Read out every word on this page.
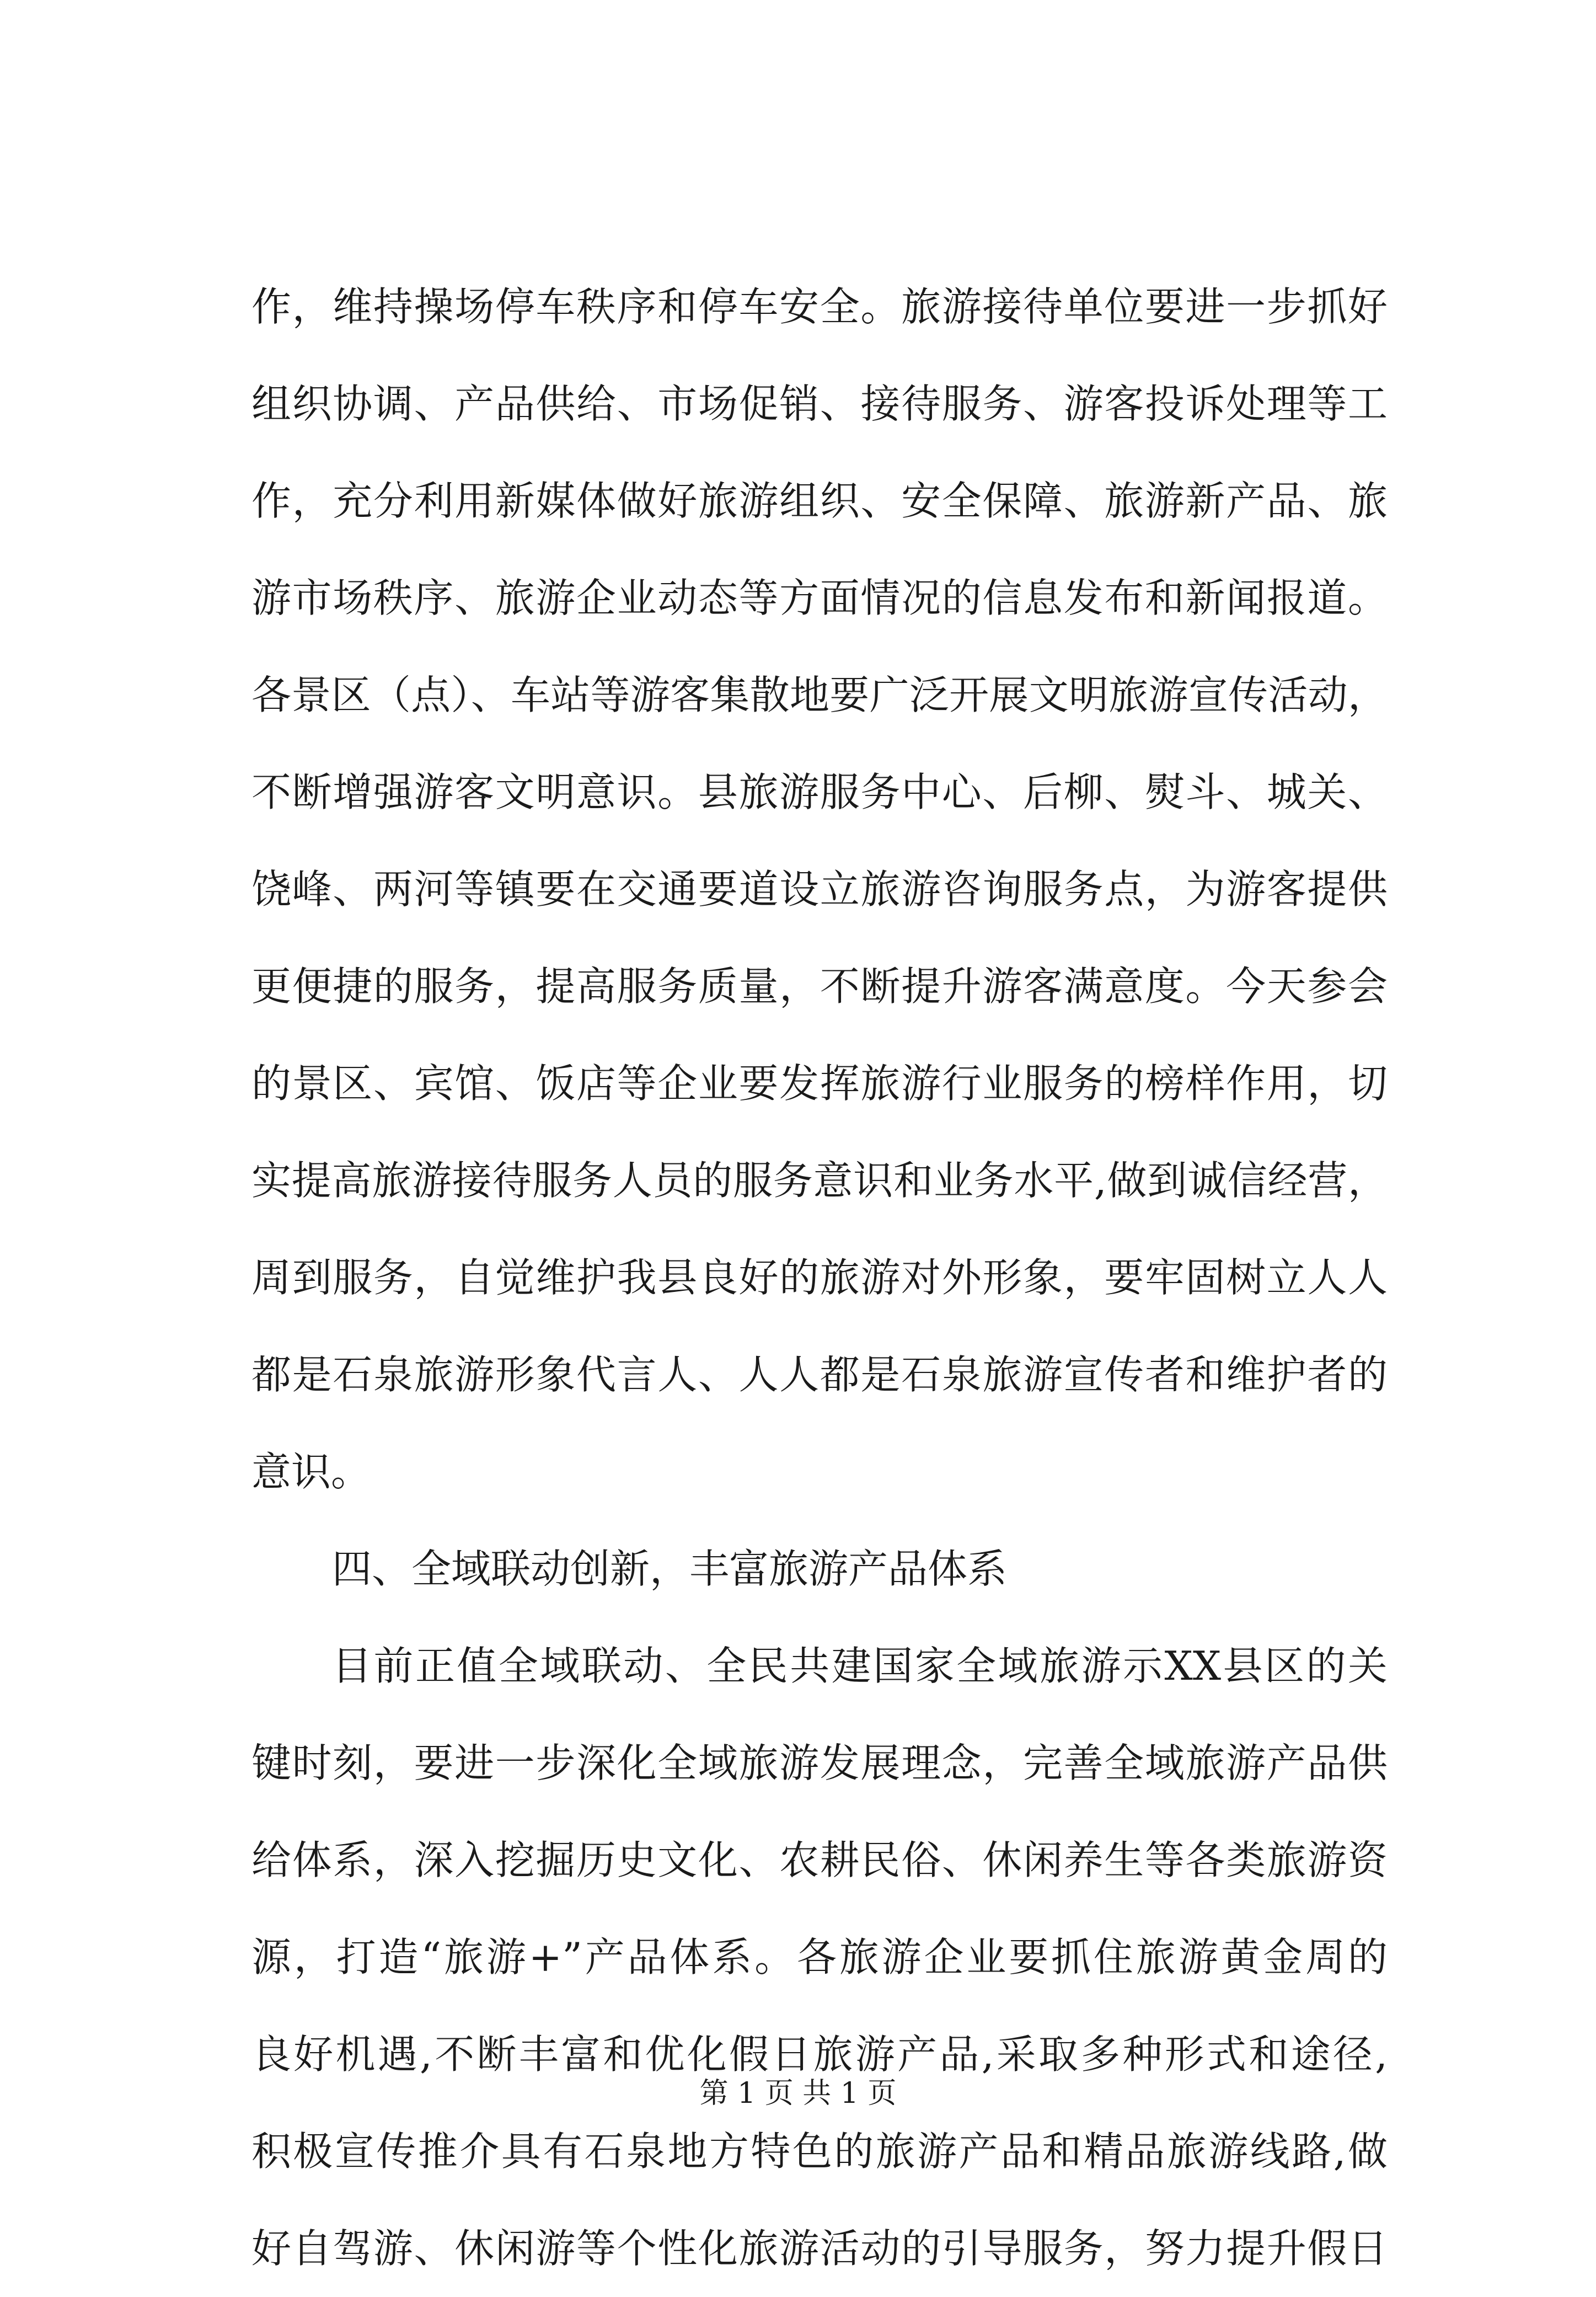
作，维持操场停车秩序和停车安全。旅游接待单位要进一步抓好
组织协调、产品供给、市场促销、接待服务、游客投诉处理等工
作，充分利用新媒体做好旅游组织、安全保障、旅游新产品、旅
游市场秩序、旅游企业动态等方面情况的信息发布和新闻报道。
各景区（点）、车站等游客集散地要广泛开展文明旅游宣传活动，
不断增强游客文明意识。县旅游服务中心、后柳、熨斗、城关、
饶峰、两河等镇要在交通要道设立旅游咨询服务点，为游客提供
更便捷的服务，提高服务质量，不断提升游客满意度。今天参会
的景区、宾馆、饭店等企业要发挥旅游行业服务的榜样作用，切
实提高旅游接待服务人员的服务意识和业务水平,做到诚信经营，
周到服务，自觉维护我县良好的旅游对外形象，要牢固树立人人
都是石泉旅游形象代言人、人人都是石泉旅游宣传者和维护者的
意识。
四、全域联动创新，丰富旅游产品体系
目前正值全域联动、全民共建国家全域旅游示XX县区的关
键时刻，要进一步深化全域旅游发展理念，完善全域旅游产品供
给体系，深入挖掘历史文化、农耕民俗、休闲养生等各类旅游资
源，打造“旅游+”产品体系。各旅游企业要抓住旅游黄金周的
良好机遇,不断丰富和优化假日旅游产品,采取多种形式和途径,
积极宣传推介具有石泉地方特色的旅游产品和精品旅游线路,做
好自驾游、休闲游等个性化旅游活动的引导服务，努力提升假日
第 1 页 共 1 页
